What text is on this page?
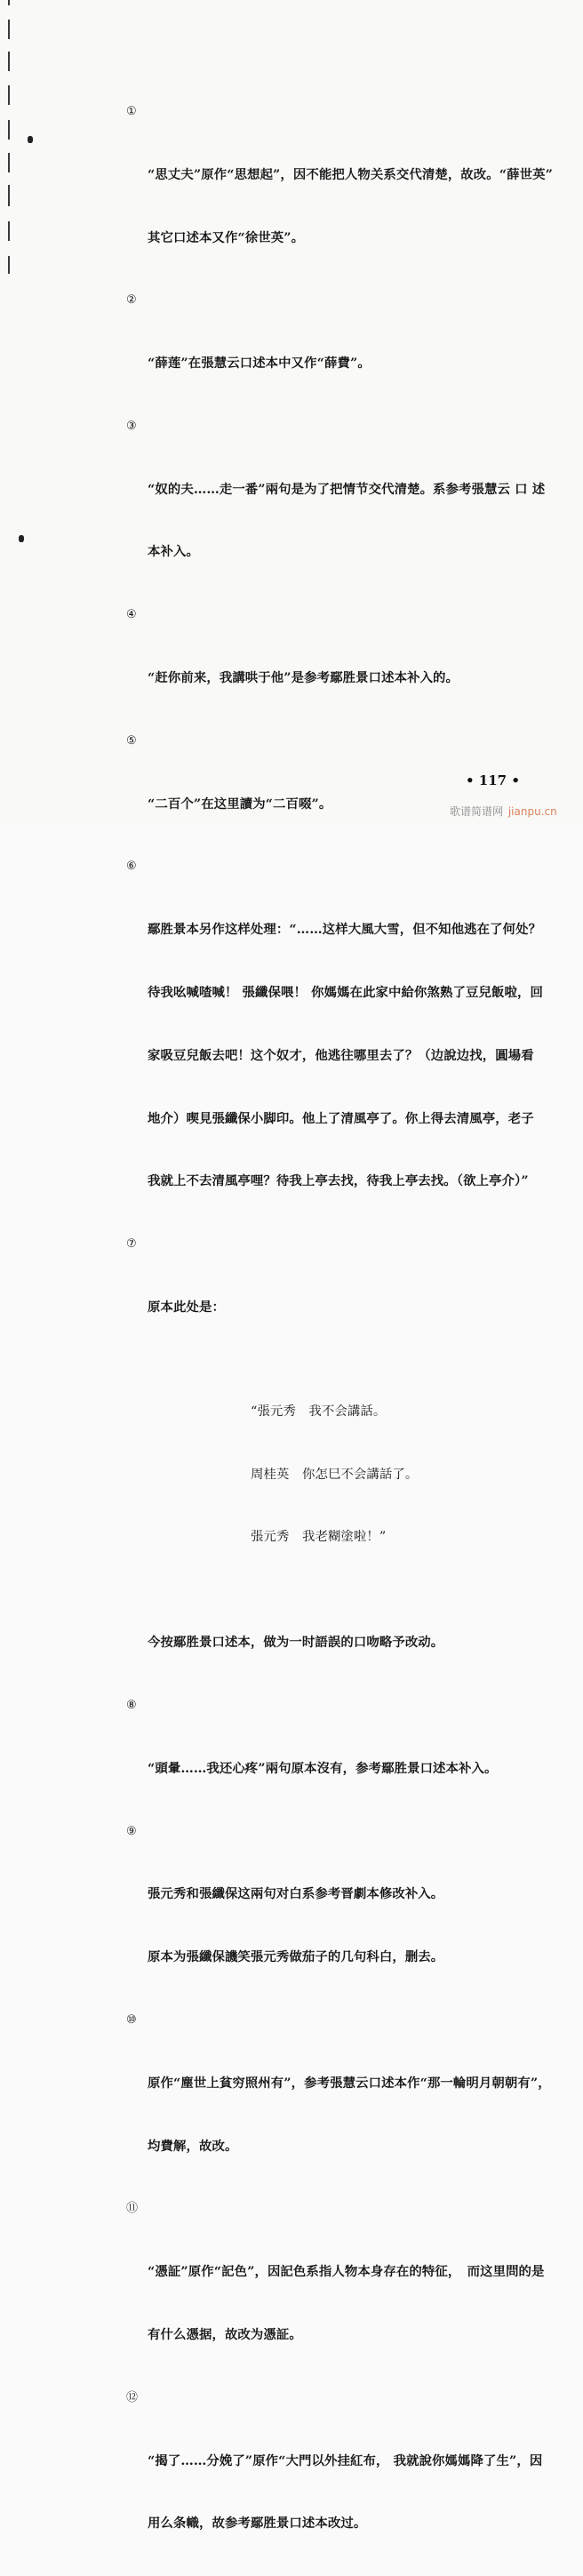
①

“思丈夫”原作“思想起”，因不能把人物关系交代清楚，故改。“薛世英”

其它口述本又作“徐世英”。

②

“薛莲”在張慧云口述本中又作“薛費”。

③

“奴的夫……走一番”兩句是为了把情节交代清楚。系参考張慧云 口 述

本补入。

④

“赶你前来，我講哄于他”是参考鄢胜景口述本补入的。

⑤

“二百个”在这里讀为“二百啜”。

⑥

鄢胜景本另作这样处理：“……这样大風大雪，但不知他逃在了何处？

待我吆喊喳喊！ 張纖保喂！ 你媽媽在此家中給你煞熟了豆兒飯啦，回

家吸豆兒飯去吧！这个奴才，他逃往哪里去了？（边說边找，圓場看

地介）喫見張纖保小脚印。他上了清風亭了。你上得去清風亭，老子

我就上不去清風亭哩？待我上亭去找，待我上亭去找。（欲上亭介）”

⑦

原本此处是：

“張元秀　我不会講話。

周桂英　你怎巳不会講話了。

張元秀　我老糊塗啦！”

今按鄢胜景口述本，做为一时語誤的口吻略予改动。

⑧

“頭暈……我还心疼”兩句原本沒有，参考鄢胜景口述本补入。

⑨

張元秀和張纖保这兩句对白系参考晋劇本修改补入。

原本为張纖保譏笑張元秀做茄子的几句科白，删去。

⑩

原作“塵世上貧穷照州有”，参考張慧云口述本作“那一輪明月朝朝有”，

均費解，故改。

⑪

“憑証”原作“記色”，因記色系指人物本身存在的特征，　而这里問的是

有什么憑据，故改为憑証。

⑫

“揭了……分娩了”原作“大門以外挂紅布， 我就說你媽媽降了生”，因

用么条幟，故参考鄢胜景口述本改过。

• 117 •
歌谱简谱网 jianpu.cn
